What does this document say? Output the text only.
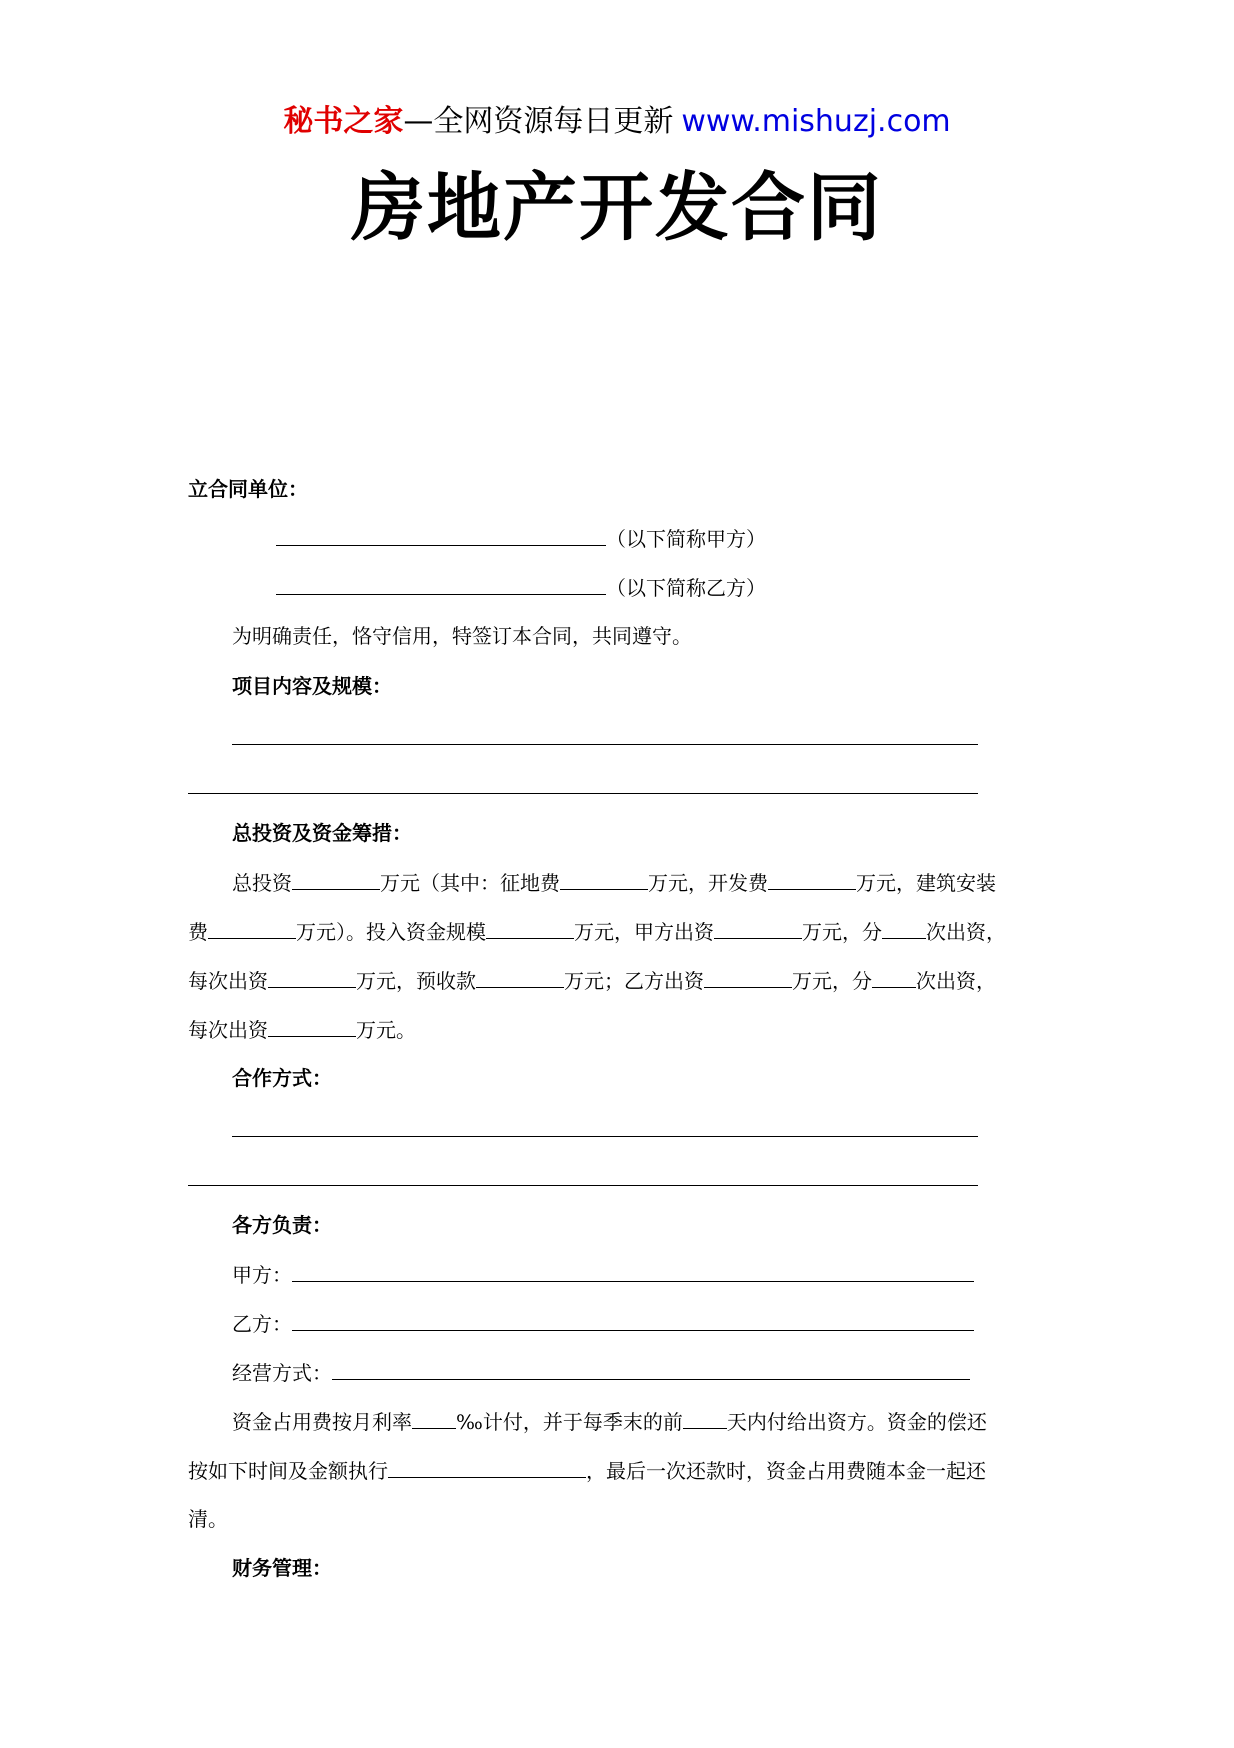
秘书之家—全网资源每日更新 www.mishuzj.com
房地产开发合同
立合同单位：
（以下简称甲方）
（以下简称乙方）
为明确责任，恪守信用，特签订本合同，共同遵守。
项目内容及规模：
总投资及资金筹措：
总投资	万元（其中：征地费	万元，开发费	万元，建筑安装
费	万元）。投入资金规模	万元，甲方出资	万元，分 次出资，
每次出资	万元，预收款	万元；乙方出资	万元，分 次出资，
每次出资	万元。
合作方式：
各方负责：
甲方：
乙方：
经营方式：
资金占用费按月利率 ‰计付，并于每季末的前 天内付给出资方。资金的偿还
按如下时间及金额执行	，最后一次还款时，资金占用费随本金一起还
清。
财务管理：
